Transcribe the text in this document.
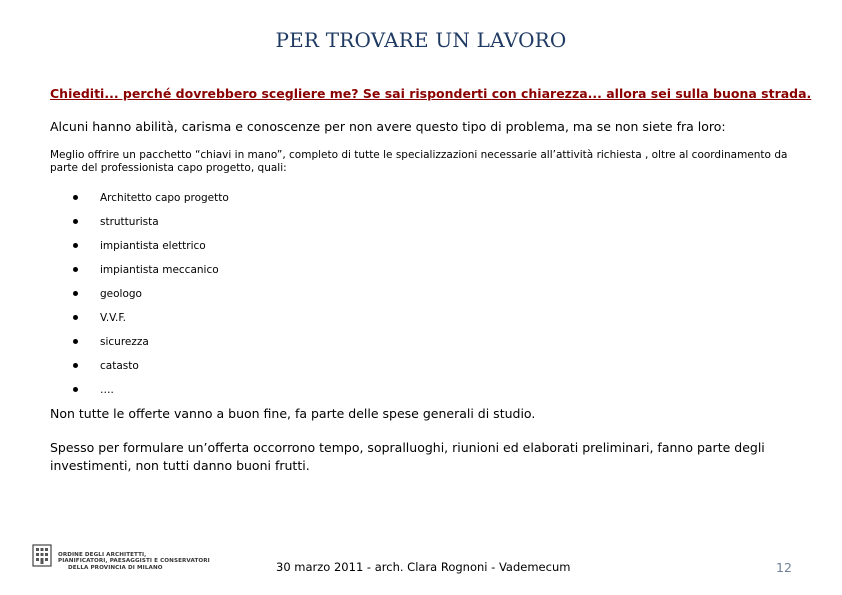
PER TROVARE UN LAVORO
Chiediti... perché dovrebbero scegliere me? Se sai risponderti con chiarezza... allora sei sulla buona strada.
Alcuni hanno abilità, carisma e conoscenze per non avere questo tipo di problema, ma se non siete fra loro:
Meglio offrire un pacchetto “chiavi in mano”, completo di tutte le specializzazioni necessarie all’attività richiesta , oltre al coordinamento da parte del professionista capo progetto, quali:
Architetto capo progetto
strutturista
impiantista elettrico
impiantista meccanico
geologo
V.V.F.
sicurezza
catasto
….
Non tutte le offerte vanno a buon fine, fa parte delle spese generali di studio.
Spesso per formulare un’offerta occorrono tempo, sopralluoghi, riunioni ed elaborati preliminari, fanno parte degli investimenti, non tutti danno buoni frutti.
ORDINE DEGLI ARCHITETTI,
PIANIFICATORI, PAESAGGISTI E CONSERVATORI

DELLA PROVINCIA DI MILANO	30 marzo 2011 - arch. Clara Rognoni - Vademecum	12
